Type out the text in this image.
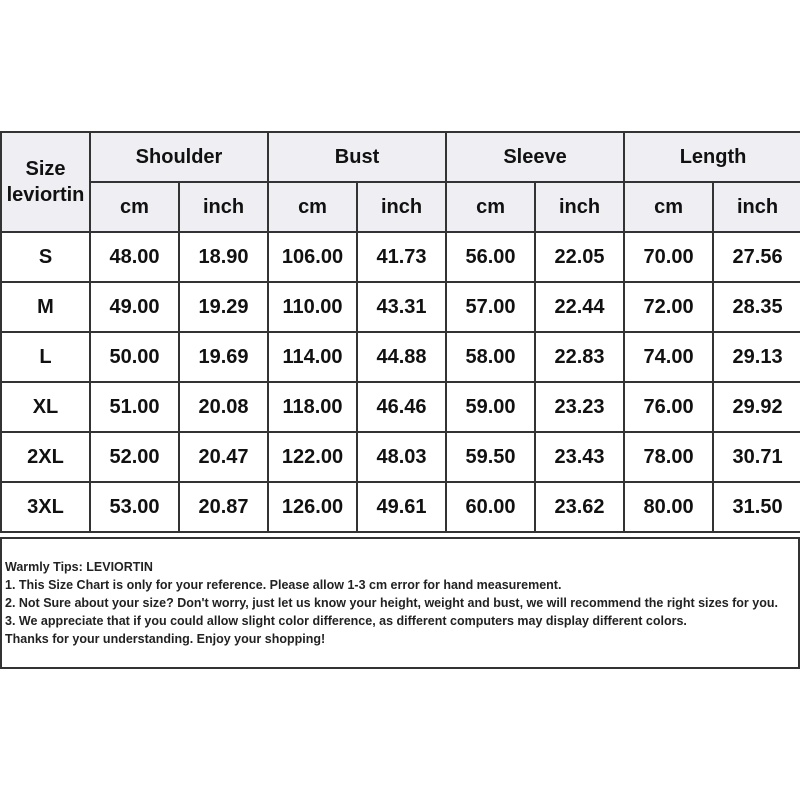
Size
leviortin	Shoulder		Bust		Sleeve		Length	
	cm	inch	cm	inch	cm	inch	cm	inch
S	48.00	18.90	106.00	41.73	56.00	22.05	70.00	27.56
M	49.00	19.29	110.00	43.31	57.00	22.44	72.00	28.35
L	50.00	19.69	114.00	44.88	58.00	22.83	74.00	29.13
XL	51.00	20.08	118.00	46.46	59.00	23.23	76.00	29.92
2XL	52.00	20.47	122.00	48.03	59.50	23.43	78.00	30.71
3XL	53.00	20.87	126.00	49.61	60.00	23.62	80.00	31.50

Warmly Tips: LEVIORTIN

1. This Size Chart is only for your reference. Please allow 1-3 cm error for hand measurement.

2. Not Sure about your size? Don't worry, just let us know your height, weight and bust, we will recommend the right sizes for you.

3. We appreciate that if you could allow slight color difference, as different computers may display different colors.

Thanks for your understanding. Enjoy your shopping!
